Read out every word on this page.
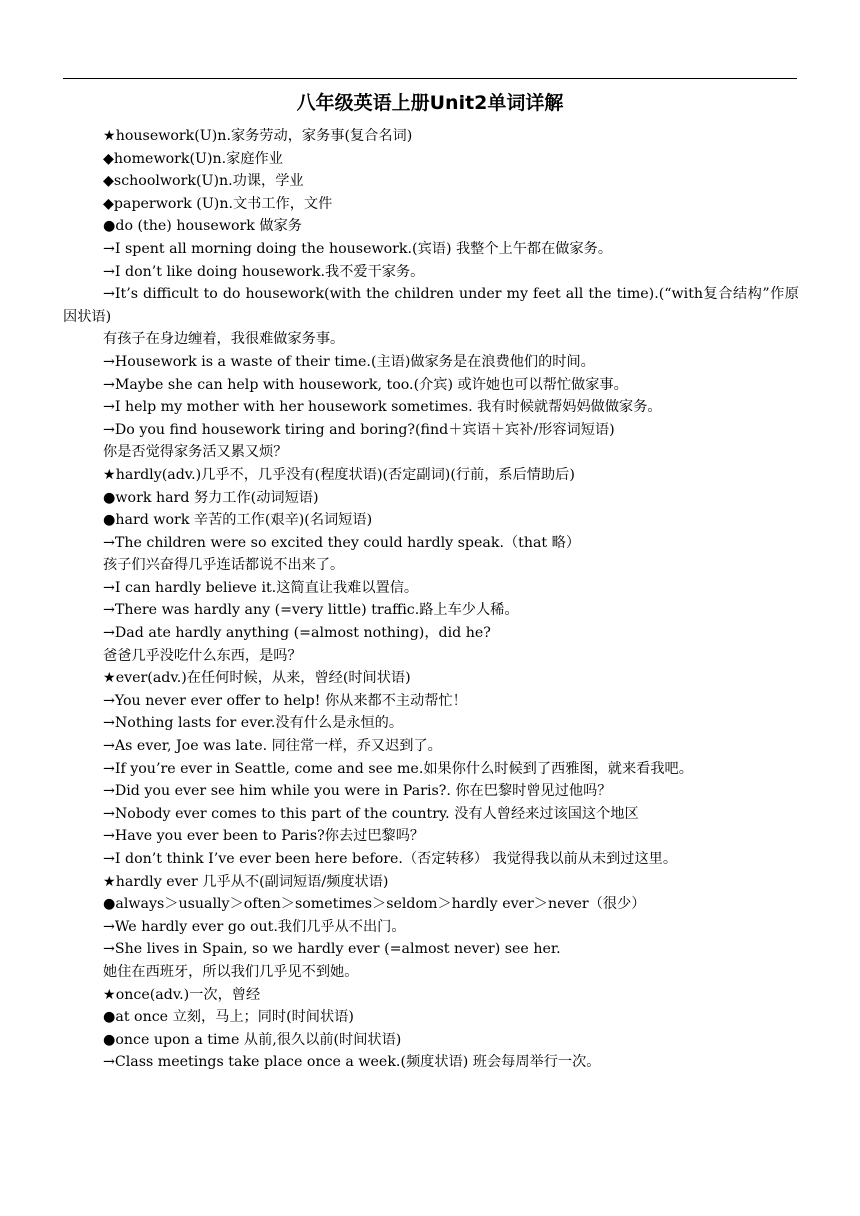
八年级英语上册Unit2单词详解
★housework(U)n.家务劳动，家务事(复合名词)
◆homework(U)n.家庭作业
◆schoolwork(U)n.功课，学业
◆paperwork (U)n.文书工作，文件
●do (the) housework 做家务
→I spent all morning doing the housework.(宾语) 我整个上午都在做家务。
→I don’t like doing housework.我不爱干家务。
→It’s difficult to do housework(with the children under my feet all the time).(“with复合结构”作原因状语)
有孩子在身边缠着，我很难做家务事。
→Housework is a waste of their time.(主语)做家务是在浪费他们的时间。
→Maybe she can help with housework, too.(介宾) 或许她也可以帮忙做家事。
→I help my mother with her housework sometimes. 我有时候就帮妈妈做做家务。
→Do you find housework tiring and boring?(find＋宾语＋宾补/形容词短语)
你是否觉得家务活又累又烦？
★hardly(adv.)几乎不，几乎没有(程度状语)(否定副词)(行前，系后情助后)
●work hard 努力工作(动词短语)
●hard work 辛苦的工作(艰辛)(名词短语)
→The children were so excited they could hardly speak.（that 略）
孩子们兴奋得几乎连话都说不出来了。
→I can hardly believe it.这简直让我难以置信。
→There was hardly any (=very little) traffic.路上车少人稀。
→Dad ate hardly anything (=almost nothing)，did he?
爸爸几乎没吃什么东西，是吗？
★ever(adv.)在任何时候，从来，曾经(时间状语)
→You never ever offer to help! 你从来都不主动帮忙！
→Nothing lasts for ever.没有什么是永恒的。
→As ever, Joe was late. 同往常一样，乔又迟到了。
→If you’re ever in Seattle, come and see me.如果你什么时候到了西雅图，就来看我吧。
→Did you ever see him while you were in Paris?. 你在巴黎时曾见过他吗？
→Nobody ever comes to this part of the country. 没有人曾经来过该国这个地区
→Have you ever been to Paris?你去过巴黎吗？
→I don’t think I’ve ever been here before.（否定转移） 我觉得我以前从未到过这里。
★hardly ever 几乎从不(副词短语/频度状语)
●always＞usually＞often＞sometimes＞seldom＞hardly ever＞never（很少）
→We hardly ever go out.我们几乎从不出门。
→She lives in Spain, so we hardly ever (=almost never) see her.
她住在西班牙，所以我们几乎见不到她。
★once(adv.)一次，曾经
●at once 立刻，马上；同时(时间状语)
●once upon a time 从前,很久以前(时间状语)
→Class meetings take place once a week.(频度状语) 班会每周举行一次。
